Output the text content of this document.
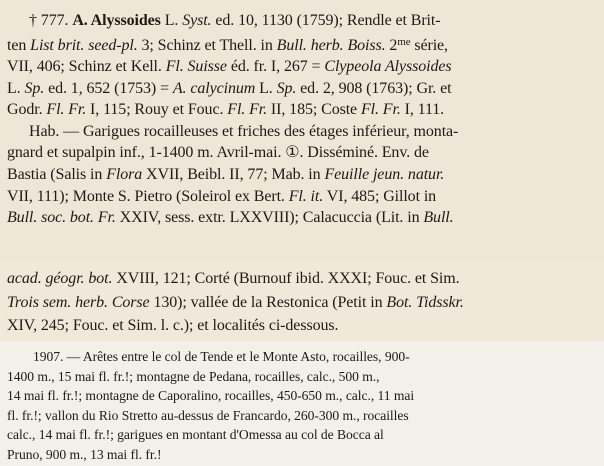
† 777. A. Alyssoides L. Syst. ed. 10, 1130 (1759); Rendle et Brit-
ten List brit. seed-pl. 3; Schinz et Thell. in Bull. herb. Boiss. $2^{me}$ série,
VII, 406; Schinz et Kell. Fl. Suisse éd. fr. I, 267 = Clypeola Alyssoides
L. Sp. ed. 1, 652 (1753) = A. calycinum L. Sp. ed. 2, 908 (1763); Gr. et
Godr. Fl. Fr. I, 115; Rouy et Fouc. Fl. Fr. II, 185; Coste Fl. Fr. I, 111.
Hab. — Garigues rocailleuses et friches des étages inférieur, monta-
gnard et supalpin inf., 1-1400 m. Avril-mai. ①. Disséminé. Env. de
Bastia (Salis in Flora XVII, Beibl. II, 77; Mab. in Feuille jeun. natur.
VII, 111); Monte S. Pietro (Soleirol ex Bert. Fl. it. VI, 485; Gillot in
Bull. soc. bot. Fr. XXIV, sess. extr. LXXVIII); Calacuccia (Lit. in Bull.
acad. géogr. bot. XVIII, 121; Corté (Burnouf ibid. XXXI; Fouc. et Sim.
Trois sem. herb. Corse 130); vallée de la Restonica (Petit in Bot. Tidsskr.
XIV, 245; Fouc. et Sim. l. c.); et localités ci-dessous.
1907. — Arêtes entre le col de Tende et le Monte Asto, rocailles, 900-
1400 m., 15 mai fl. fr.!; montagne de Pedana, rocailles, calc., 500 m.,
14 mai fl. fr.!; montagne de Caporalino, rocailles, 450-650 m., calc., 11 mai
fl. fr.!; vallon du Rio Stretto au-dessus de Francardo, 260-300 m., rocailles
calc., 14 mai fl. fr.!; garigues en montant d'Omessa au col de Bocca al
Pruno, 900 m., 13 mai fl. fr.!
